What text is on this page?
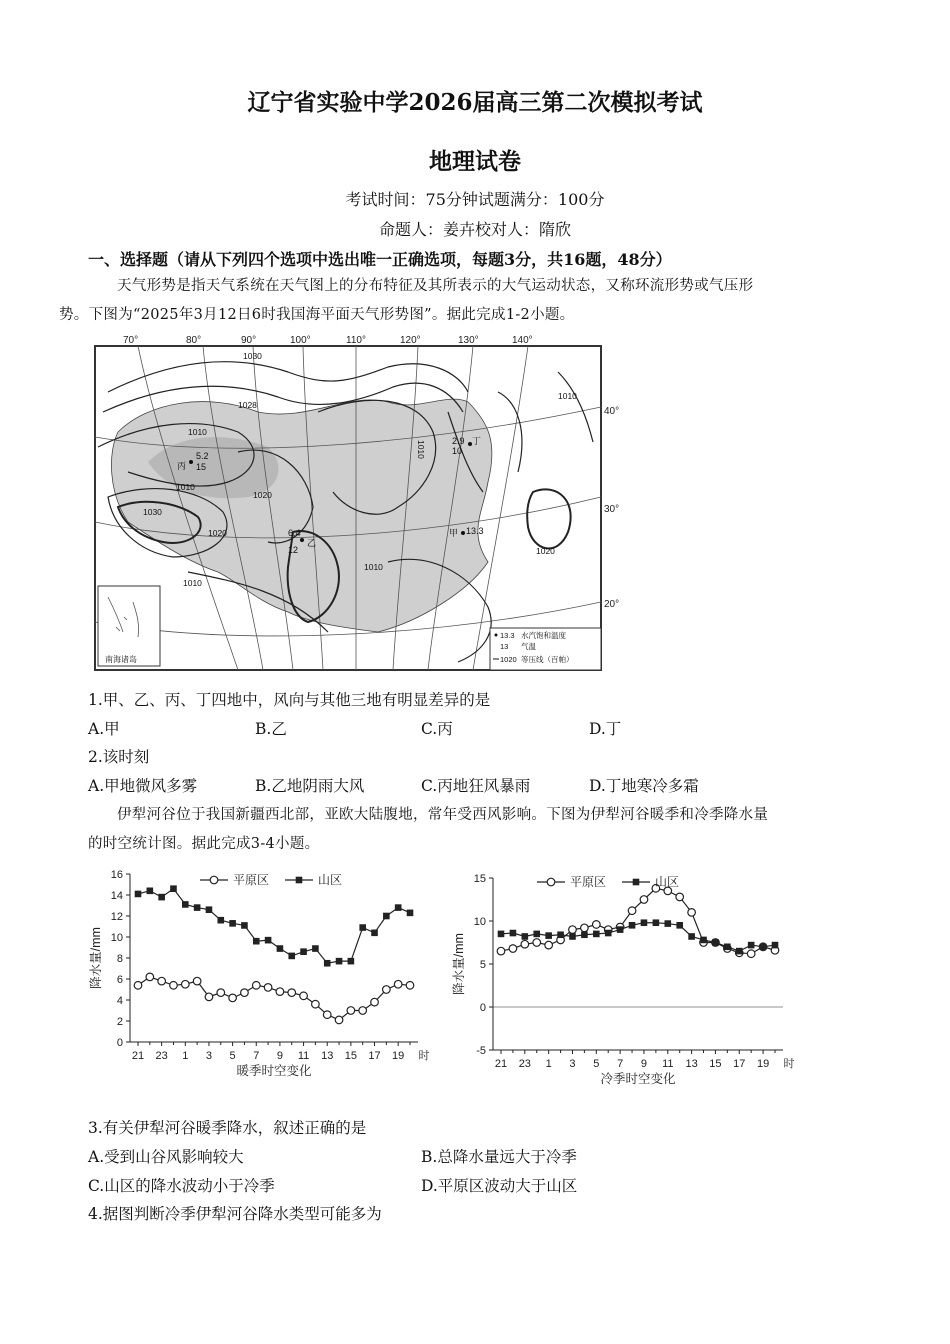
辽宁省实验中学2026届高三第二次模拟考试
地理试卷
考试时间：75分钟试题满分：100分
命题人：姜卉校对人：隋欣
一、选择题（请从下列四个选项中选出唯一正确选项，每题3分，共16题，48分）
天气形势是指天气系统在天气图上的分布特征及其所表示的大气运动状态，又称环流形势或气压形
势。下图为“2025年3月12日6时我国海平面天气形势图”。据此完成1-2小题。
70°	80°	90°	100°	110°	120°	130°	140°
40°
30°
20°
1030
1010
1028
1010
1020
1030
1020
1010
1010
1010
1020
1010
5.2
丙 15
6.4
乙
12
2.9 丁
10
甲 13.3
南海诸岛
13.3 水汽饱和温度
13 气温
1020 等压线（百帕）
1.甲、乙、丙、丁四地中，风向与其他三地有明显差异的是
A.甲	B.乙	C.丙	D.丁
2.该时刻
A.甲地微风多雾	B.乙地阴雨大风	C.丙地狂风暴雨	D.丁地寒冷多霜
伊犁河谷位于我国新疆西北部，亚欧大陆腹地，常年受西风影响。下图为伊犁河谷暖季和冷季降水量
的时空统计图。据此完成3-4小题。
0
2
4
6
8
10
12
14
16
21 23 1 3 5 7 9 11 13 15 17 19 时
暖季时空变化
降水量/mm
平原区	山区
-5
0
5
10
15
21 23 1 3 5 7 9 11 13 15 17 19 时
冷季时空变化
降水量/mm
平原区	山区
3.有关伊犁河谷暖季降水，叙述正确的是
A.受到山谷风影响较大	B.总降水量远大于冷季
C.山区的降水波动小于冷季	D.平原区波动大于山区
4.据图判断冷季伊犁河谷降水类型可能多为
